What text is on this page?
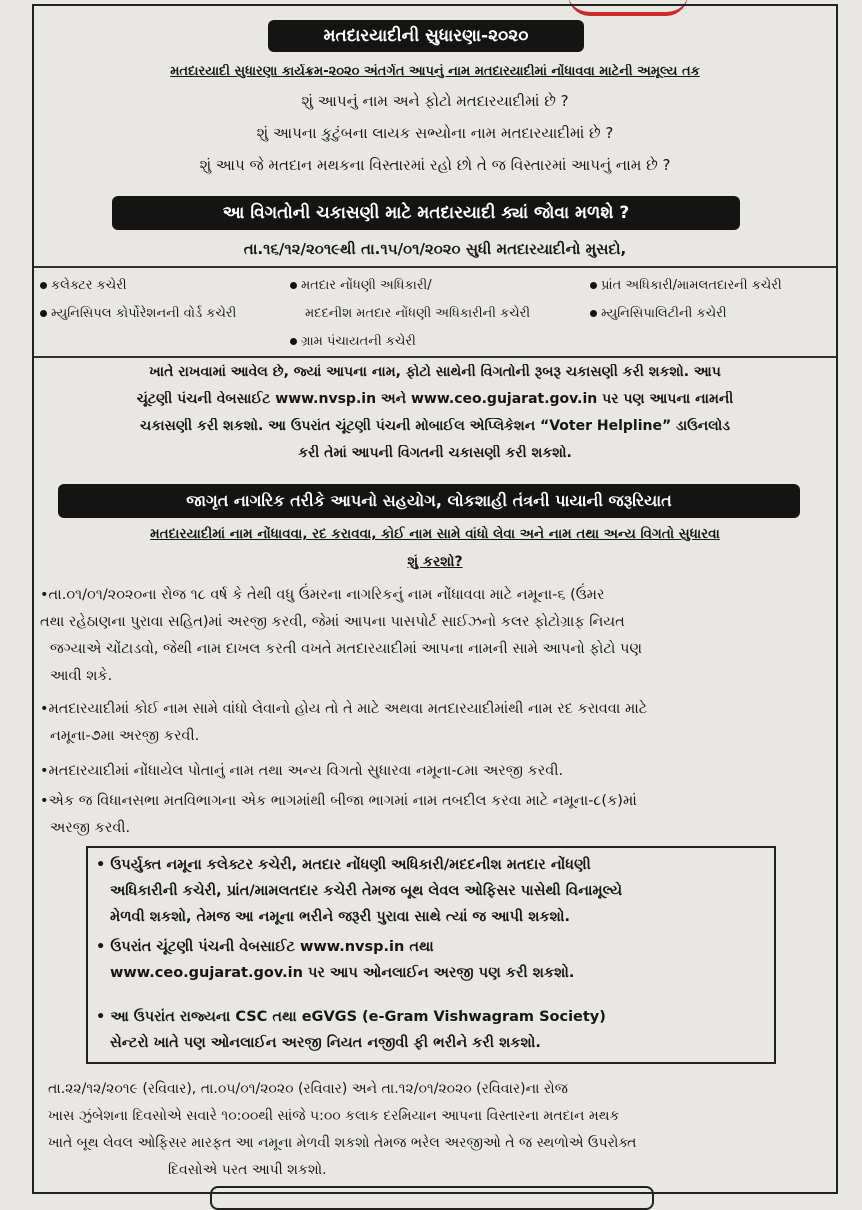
મતદારયાદીની સુધારણા-૨૦૨૦
મતદારયાદી સુધારણા કાર્યક્રમ-૨૦૨૦ અંતર્ગત આપનું નામ મતદારયાદીમાં નોંધાવવા માટેની અમૂલ્ય તક
શું આપનું નામ અને ફોટો મતદારયાદીમાં છે ?
શું આપના કુટુંબના લાયક સભ્યોના નામ મતદારયાદીમાં છે ?
શું આપ જે મતદાન મથકના વિસ્તારમાં રહો છો તે જ વિસ્તારમાં આપનું નામ છે ?
આ વિગતોની ચકાસણી માટે મતદારયાદી ક્યાં જોવા મળશે ?
તા.૧૬/૧૨/૨૦૧૯થી તા.૧૫/૦૧/૨૦૨૦ સુધી મતદારયાદીનો મુસદો,
કલેક્ટર કચેરી	મતદાર નોંધણી અધિકારી/	પ્રાંત અધિકારી/મામલતદારની કચેરી
મ્યુનિસિપલ કોર્પોરેશનની વોર્ડ કચેરી	મદદનીશ મતદાર નોંધણી અધિકારીની કચેરી	મ્યુનિસિપાલિટીની કચેરી
ગ્રામ પંચાયતની કચેરી
ખાતે રાખવામાં આવેલ છે, જ્યાં આપના નામ, ફોટો સાથેની વિગતોની રૂબરૂ ચકાસણી કરી શકશો. આપ
ચૂંટણી પંચની વેબસાઈટ www.nvsp.in અને www.ceo.gujarat.gov.in પર પણ આપના નામની
ચકાસણી કરી શકશો. આ ઉપરાંત ચૂંટણી પંચની મોબાઈલ એપ્લિકેશન “Voter Helpline” ડાઉનલોડ
કરી તેમાં આપની વિગતની ચકાસણી કરી શકશો.
જાગૃત નાગરિક તરીકે આપનો સહયોગ, લોકશાહી તંત્રની પાયાની જરૂરિયાત
મતદારયાદીમાં નામ નોંધાવવા, રદ કરાવવા, કોઈ નામ સામે વાંધો લેવા અને નામ તથા અન્ય વિગતો સુધારવા
શું કરશો?
•તા.૦૧/૦૧/૨૦૨૦ના રોજ ૧૮ વર્ષ કે તેથી વધુ ઉંમરના નાગરિકનું નામ નોંધાવવા માટે નમૂના-૬ (ઉંમર
તથા રહેઠાણના પુરાવા સહિત)માં અરજી કરવી, જેમાં આપના પાસપોર્ટ સાઈઝનો કલર ફોટોગ્રાફ નિયત
જગ્યાએ ચોંટાડવો, જેથી નામ દાખલ કરતી વખતે મતદારયાદીમાં આપના નામની સામે આપનો ફોટો પણ
આવી શકે.
•મતદારયાદીમાં કોઈ નામ સામે વાંધો લેવાનો હોય તો તે માટે અથવા મતદારયાદીમાંથી નામ રદ કરાવવા માટે
નમૂના-૭મા અરજી કરવી.
•મતદારયાદીમાં નોંધાયેલ પોતાનું નામ તથા અન્ય વિગતો સુધારવા નમૂના-૮મા અરજી કરવી.
•એક જ વિધાનસભા મતવિભાગના એક ભાગમાંથી બીજા ભાગમાં નામ તબદીલ કરવા માટે નમૂના-૮(ક)માં
અરજી કરવી.
• ઉપર્યુક્ત નમૂના કલેક્ટર કચેરી, મતદાર નોંધણી અધિકારી/મદદનીશ મતદાર નોંધણી
અધિકારીની કચેરી, પ્રાંત/મામલતદાર કચેરી તેમજ બૂથ લેવલ ઓફિસર પાસેથી વિનામૂલ્યે
મેળવી શકશો, તેમજ આ નમૂના ભરીને જરૂરી પુરાવા સાથે ત્યાં જ આપી શકશો.
• ઉપરાંત ચૂંટણી પંચની વેબસાઈટ www.nvsp.in તથા
www.ceo.gujarat.gov.in પર આપ ઓનલાઈન અરજી પણ કરી શકશો.
• આ ઉપરાંત રાજ્યના CSC તથા eGVGS (e-Gram Vishwagram Society)
સેન્ટરો ખાતે પણ ઓનલાઈન અરજી નિયત નજીવી ફી ભરીને કરી શકશો.
તા.૨૨/૧૨/૨૦૧૯ (રવિવાર), તા.૦૫/૦૧/૨૦૨૦ (રવિવાર) અને તા.૧૨/૦૧/૨૦૨૦ (રવિવાર)ના રોજ
ખાસ ઝુંબેશના દિવસોએ સવારે ૧૦:૦૦થી સાંજે ૫:૦૦ કલાક દરમિયાન આપના વિસ્તારના મતદાન મથક
ખાતે બૂથ લેવલ ઓફિસર મારફત આ નમૂના મેળવી શકશો તેમજ ભરેલ અરજીઓ તે જ સ્થળોએ ઉપરોક્ત
દિવસોએ પરત આપી શકશો.
